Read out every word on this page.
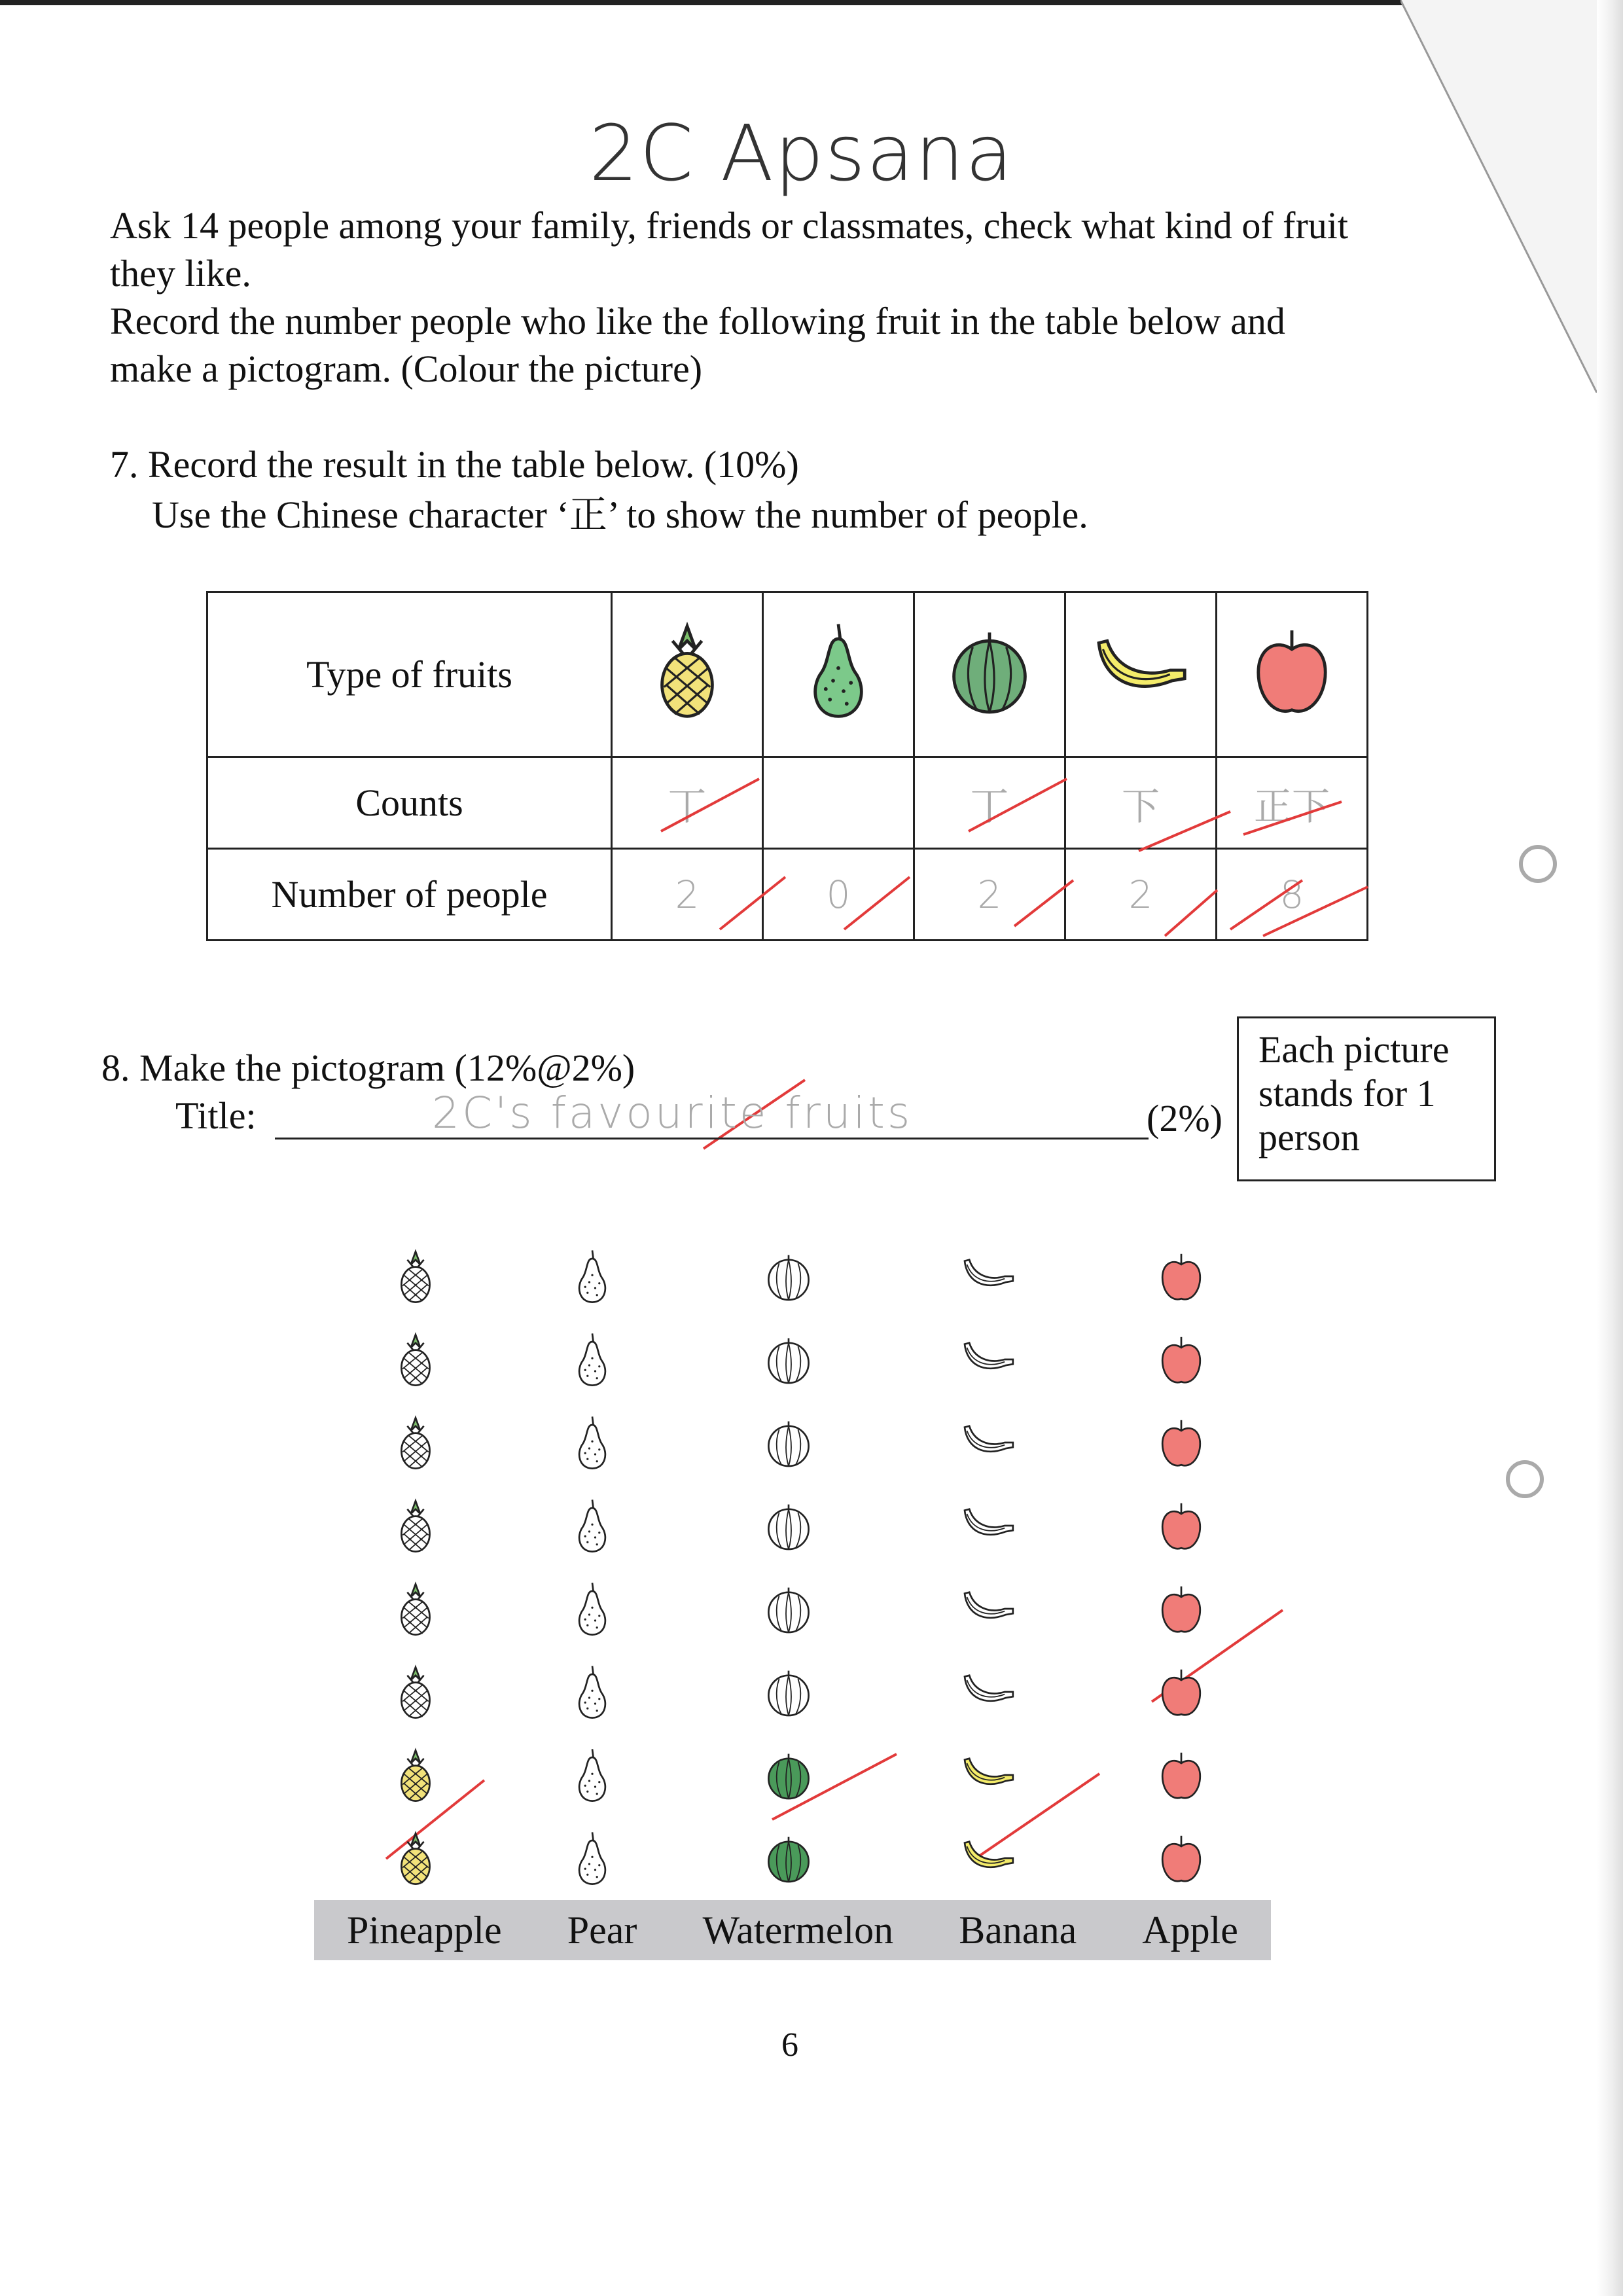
2C Apsana
Ask 14 people among your family, friends or classmates, check what kind of fruit
they like.
Record the number people who like the following fruit in the table below and
make a pictogram. (Colour the picture)
7. Record the result in the table below. (10%)
Use the Chinese character ‘正’ to show the number of people.
Type of fruits					
Counts	丅		丅	下	正下
Number of people	2	0	2	2	8
8. Make the pictogram (12%@2%)
Title:	2C's favourite fruits	(2%)
Each picture
stands for 1
person
Pineapple Pear Watermelon Banana Apple
6
